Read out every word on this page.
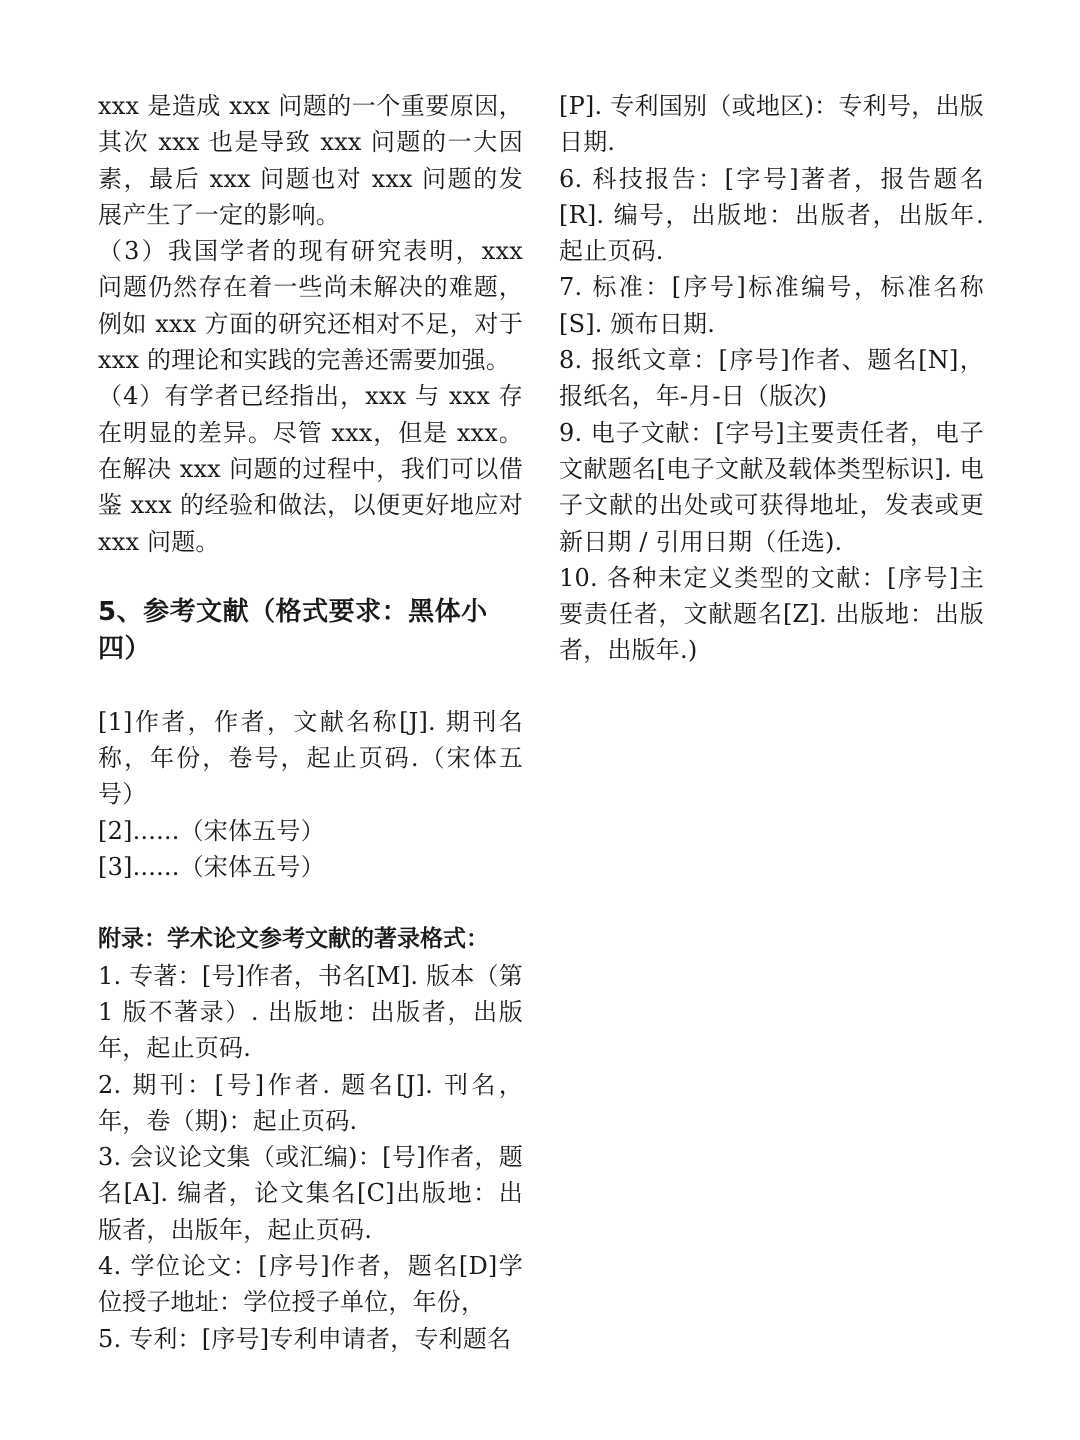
xxx 是造成 xxx 问题的一个重要原因，其次 xxx 也是导致 xxx 问题的一大因素，最后 xxx 问题也对 xxx 问题的发展产生了一定的影响。

（3）我国学者的现有研究表明，xxx 问题仍然存在着一些尚未解决的难题，例如 xxx 方面的研究还相对不足，对于 xxx 的理论和实践的完善还需要加强。

（4）有学者已经指出，xxx 与 xxx 存在明显的差异。尽管 xxx，但是 xxx。在解决 xxx 问题的过程中，我们可以借鉴 xxx 的经验和做法，以便更好地应对 xxx 问题。

5、参考文献（格式要求：黑体小四）

[1]作者，作者，文献名称[J]. 期刊名称，年份，卷号，起止页码.（宋体五号）

[2]......（宋体五号）

[3]......（宋体五号）

附录：学术论文参考文献的著录格式：

1. 专著：[号]作者，书名[M]. 版本（第 1 版不著录）. 出版地：出版者，出版年，起止页码.

2. 期刊：[号]作者. 题名[J]. 刊名，年，卷（期)：起止页码.

3. 会议论文集（或汇编)：[号]作者，题名[A]. 编者，论文集名[C]出版地：出版者，出版年，起止页码.

4. 学位论文：[序号]作者，题名[D]学位授子地址：学位授子单位，年份，

5. 专利：[序号]专利申请者，专利题名

[P]. 专利国别（或地区)：专利号，出版日期.

6. 科技报告：[字号]著者，报告题名[R]. 编号，出版地：出版者，出版年. 起止页码.

7. 标准：[序号]标准编号，标准名称[S]. 颁布日期.

8. 报纸文章：[序号]作者、题名[N]，报纸名，年-月-日（版次)

9. 电子文献：[字号]主要责任者，电子文献题名[电子文献及载体类型标识]. 电子文献的出处或可获得地址，发表或更新日期 / 引用日期（任选).

10. 各种未定义类型的文献：[序号]主要责任者，文献题名[Z]. 出版地：出版者，出版年.)
